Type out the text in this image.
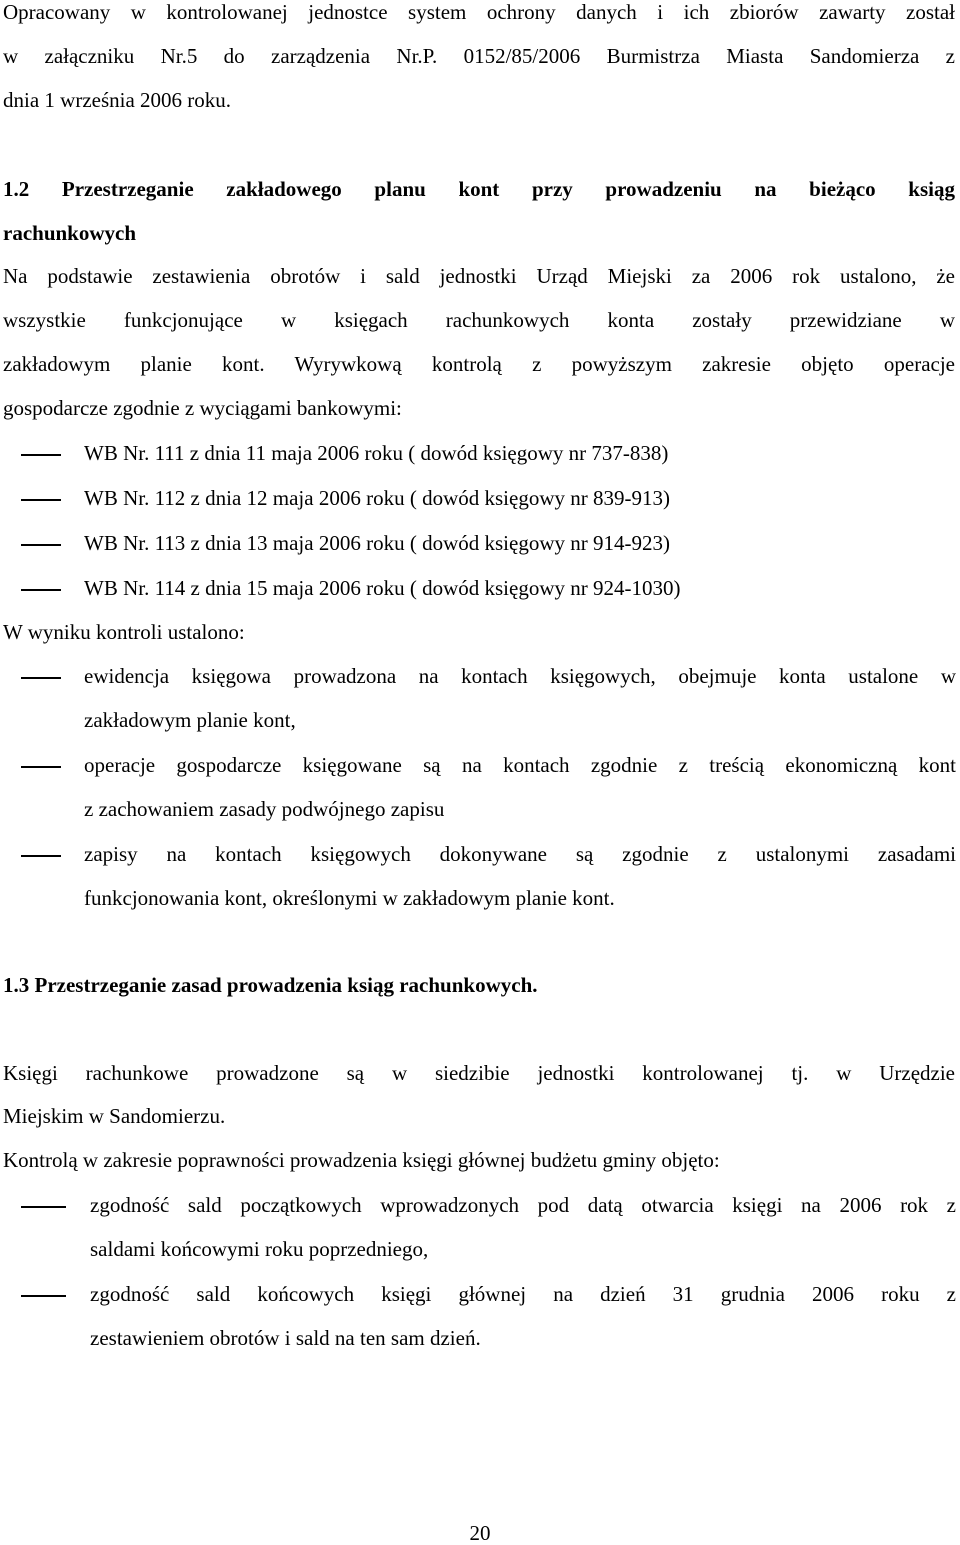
Opracowany w kontrolowanej jednostce system ochrony danych i ich zbiorów zawarty został
w załączniku Nr.5 do zarządzenia Nr.P. 0152/85/2006 Burmistrza Miasta Sandomierza z
dnia 1 września 2006 roku.
1.2 Przestrzeganie zakładowego planu kont przy prowadzeniu na bieżąco ksiąg
rachunkowych
Na podstawie zestawienia obrotów i sald jednostki Urząd Miejski za 2006 rok ustalono, że
wszystkie funkcjonujące w księgach rachunkowych konta zostały przewidziane w
zakładowym planie kont. Wyrywkową kontrolą z powyższym zakresie objęto operacje
gospodarcze zgodnie z wyciągami bankowymi:
WB Nr. 111 z dnia 11 maja 2006 roku ( dowód księgowy nr 737-838)
WB Nr. 112 z dnia 12 maja 2006 roku ( dowód księgowy nr 839-913)
WB Nr. 113 z dnia 13 maja 2006 roku ( dowód księgowy nr 914-923)
WB Nr. 114 z dnia 15 maja 2006 roku ( dowód księgowy nr 924-1030)
W wyniku kontroli ustalono:
ewidencja księgowa prowadzona na kontach księgowych, obejmuje konta ustalone w
zakładowym planie kont,
operacje gospodarcze księgowane są na kontach zgodnie z treścią ekonomiczną kont
z zachowaniem zasady podwójnego zapisu
zapisy na kontach księgowych dokonywane są zgodnie z ustalonymi zasadami
funkcjonowania kont, określonymi w zakładowym planie kont.
1.3 Przestrzeganie zasad prowadzenia ksiąg rachunkowych.
Księgi rachunkowe prowadzone są w siedzibie jednostki kontrolowanej tj. w Urzędzie
Miejskim w Sandomierzu.
Kontrolą w zakresie poprawności prowadzenia księgi głównej budżetu gminy objęto:
zgodność sald początkowych wprowadzonych pod datą otwarcia księgi na 2006 rok z
saldami końcowymi roku poprzedniego,
zgodność sald końcowych księgi głównej na dzień 31 grudnia 2006 roku z
zestawieniem obrotów i sald na ten sam dzień.
20
